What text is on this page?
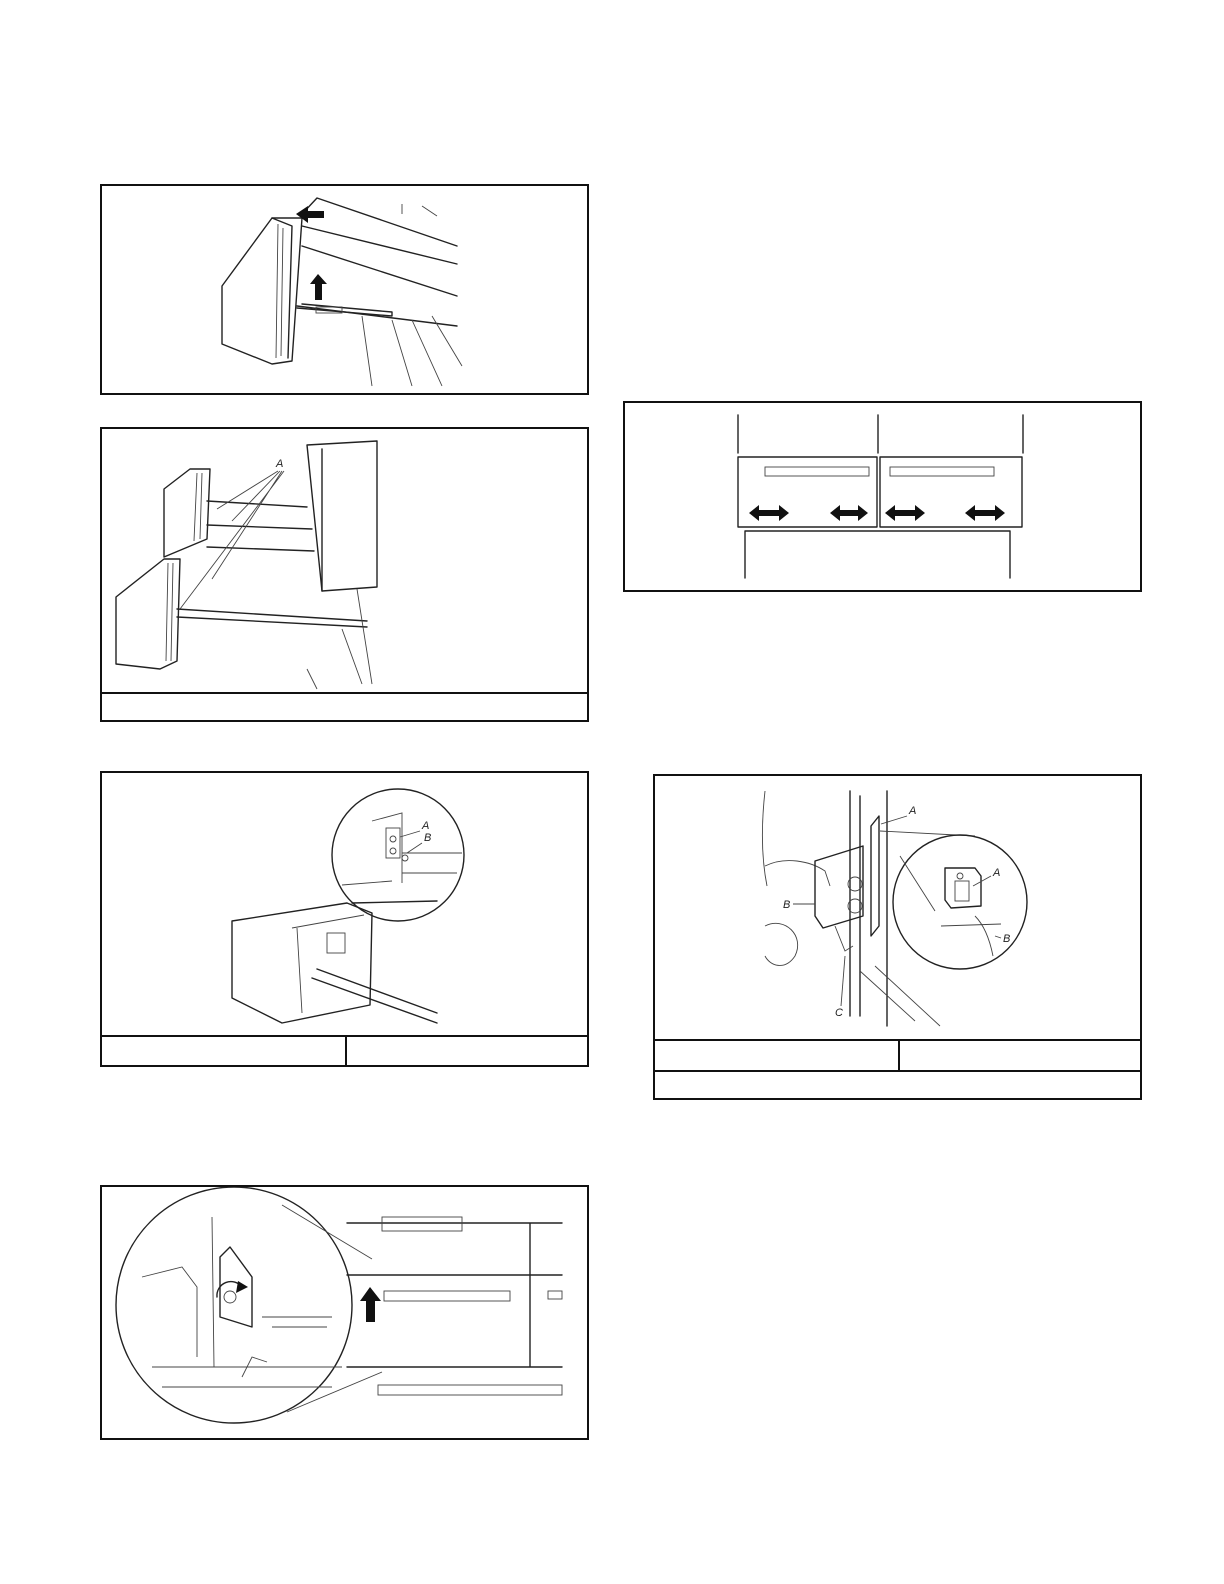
A
A
B
A
B
C
A
B
